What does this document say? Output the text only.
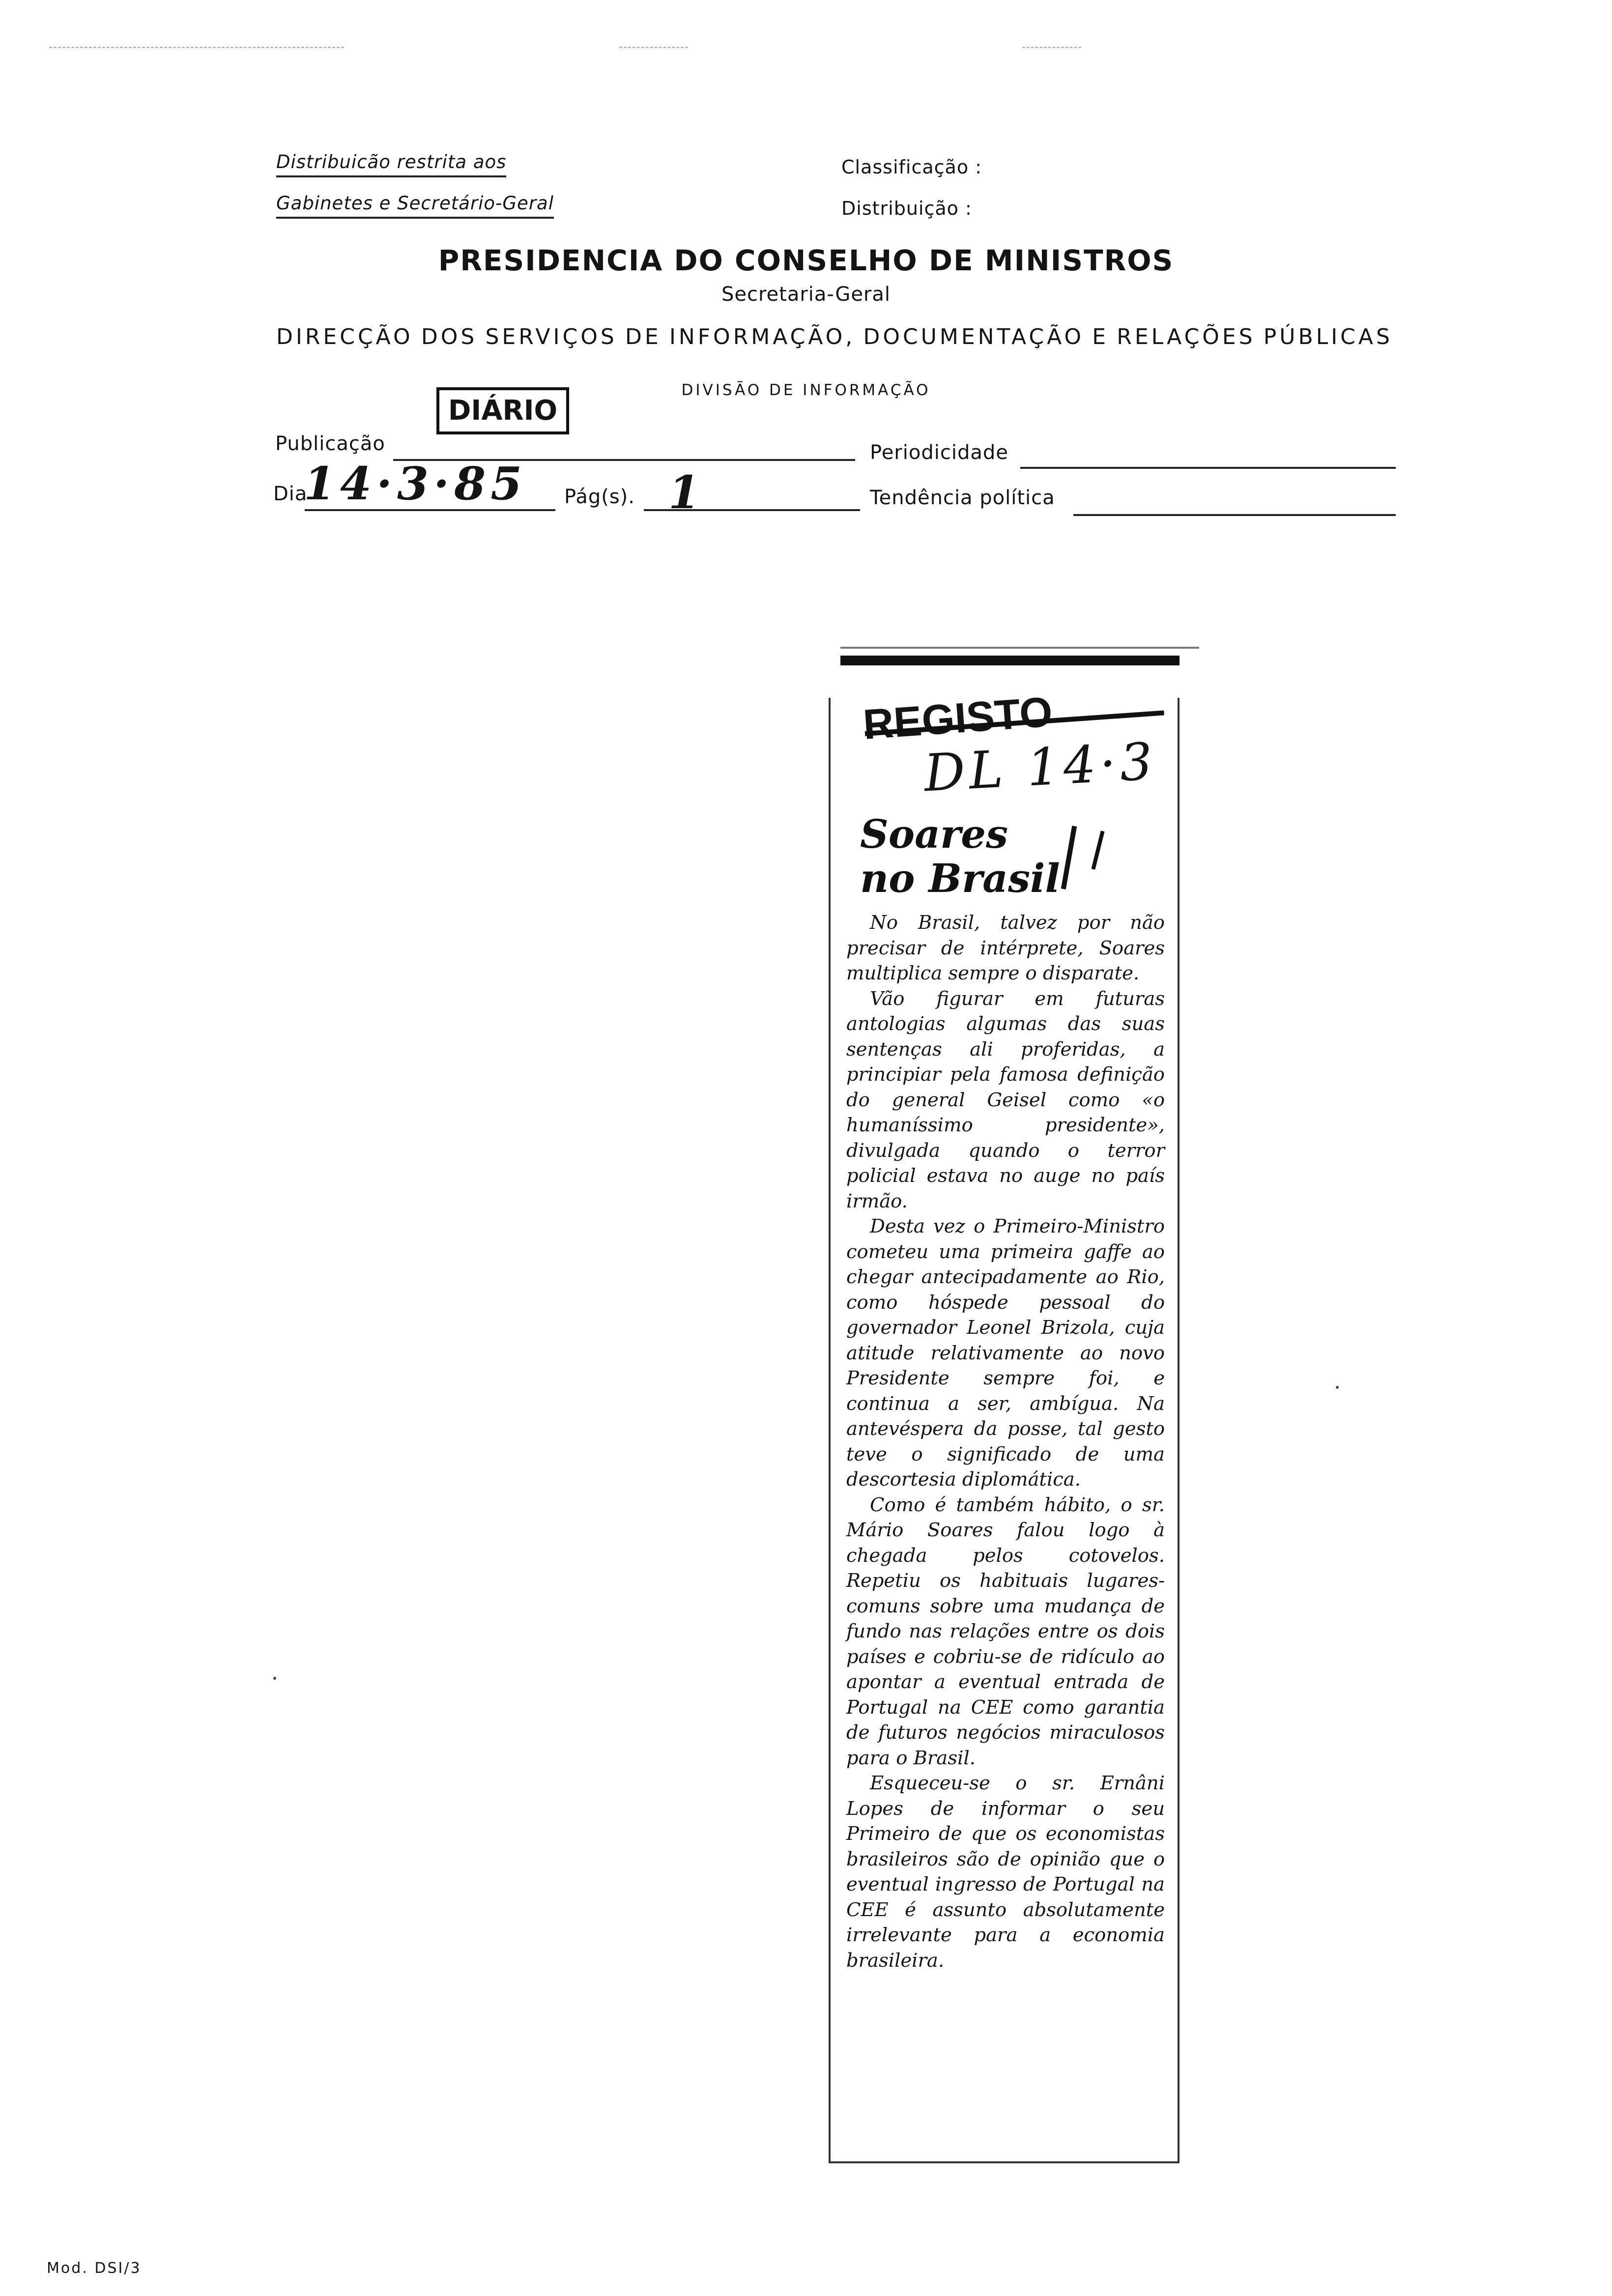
Distribuicão restrita aos
Gabinetes e Secretário-Geral
Classificação :
Distribuição :
PRESIDENCIA DO CONSELHO DE MINISTROS
Secretaria-Geral
DIRECÇÃO DOS SERVIÇOS DE INFORMAÇÃO, DOCUMENTAÇÃO E RELAÇÕES PÚBLICAS
DIVISÃO DE INFORMAÇÃO
DIÁRIO
Publicação	Periodicidade
Dia
14·3·85 Pág(s). 1	Tendência política
REGISTO
DL 14·3
Soares
no Brasil

No Brasil, talvez por não precisar de intérprete, Soares multiplica sempre o disparate.

Vão figurar em futuras antologias algumas das suas sentenças ali proferidas, a principiar pela famosa definição do general Geisel como «o humaníssimo presidente», divulgada quando o terror policial estava no auge no país irmão.

Desta vez o Primeiro-Ministro cometeu uma primeira gaffe ao chegar antecipadamente ao Rio, como hóspede pessoal do governador Leonel Brizola, cuja atitude relativamente ao novo Presidente sempre foi, e continua a ser, ambígua. Na antevéspera da posse, tal gesto teve o significado de uma descortesia diplomática.

Como é também hábito, o sr. Mário Soares falou logo à chegada pelos cotovelos. Repetiu os habituais lugares-comuns sobre uma mudança de fundo nas relações entre os dois países e cobriu-se de ridículo ao apontar a eventual entrada de Portugal na CEE como garantia de futuros negócios miraculosos para o Brasil.

Esqueceu-se o sr. Ernâni Lopes de informar o seu Primeiro de que os economistas brasileiros são de opinião que o eventual ingresso de Portugal na CEE é assunto absolutamente irrelevante para a economia brasileira.

Mod. DSI/3
